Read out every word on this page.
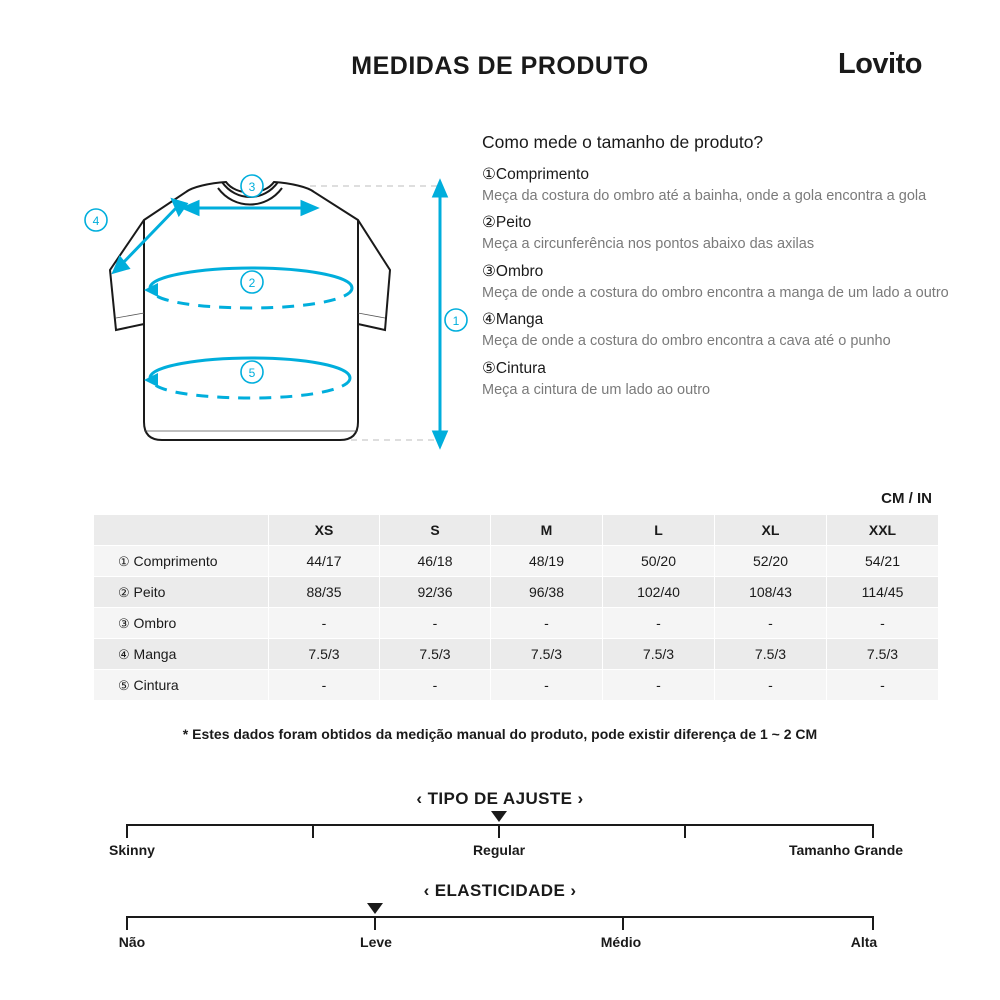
MEDIDAS DE PRODUTO	Lovito
3
2
5
1
4
Como mede o tamanho de produto?

①Comprimento

Meça da costura do ombro até a bainha, onde a gola encontra a gola

②Peito

Meça a circunferência nos pontos abaixo das axilas

③Ombro

Meça de onde a costura do ombro encontra a manga de um lado a outro

④Manga

Meça de onde a costura do ombro encontra a cava até o punho

⑤Cintura

Meça a cintura de um lado ao outro

CM / IN
	XS	S	M	L	XL	XXL
① Comprimento	44/17	46/18	48/19	50/20	52/20	54/21
② Peito	88/35	92/36	96/38	102/40	108/43	114/45
③ Ombro	-	-	-	-	-	-
④ Manga	7.5/3	7.5/3	7.5/3	7.5/3	7.5/3	7.5/3
⑤ Cintura	-	-	-	-	-	-
* Estes dados foram obtidos da medição manual do produto, pode existir diferença de 1 ~ 2 CM
‹ TIPO DE AJUSTE ›
Skinny	Regular	Tamanho Grande
‹ ELASTICIDADE ›
Não	Leve	Médio	Alta
